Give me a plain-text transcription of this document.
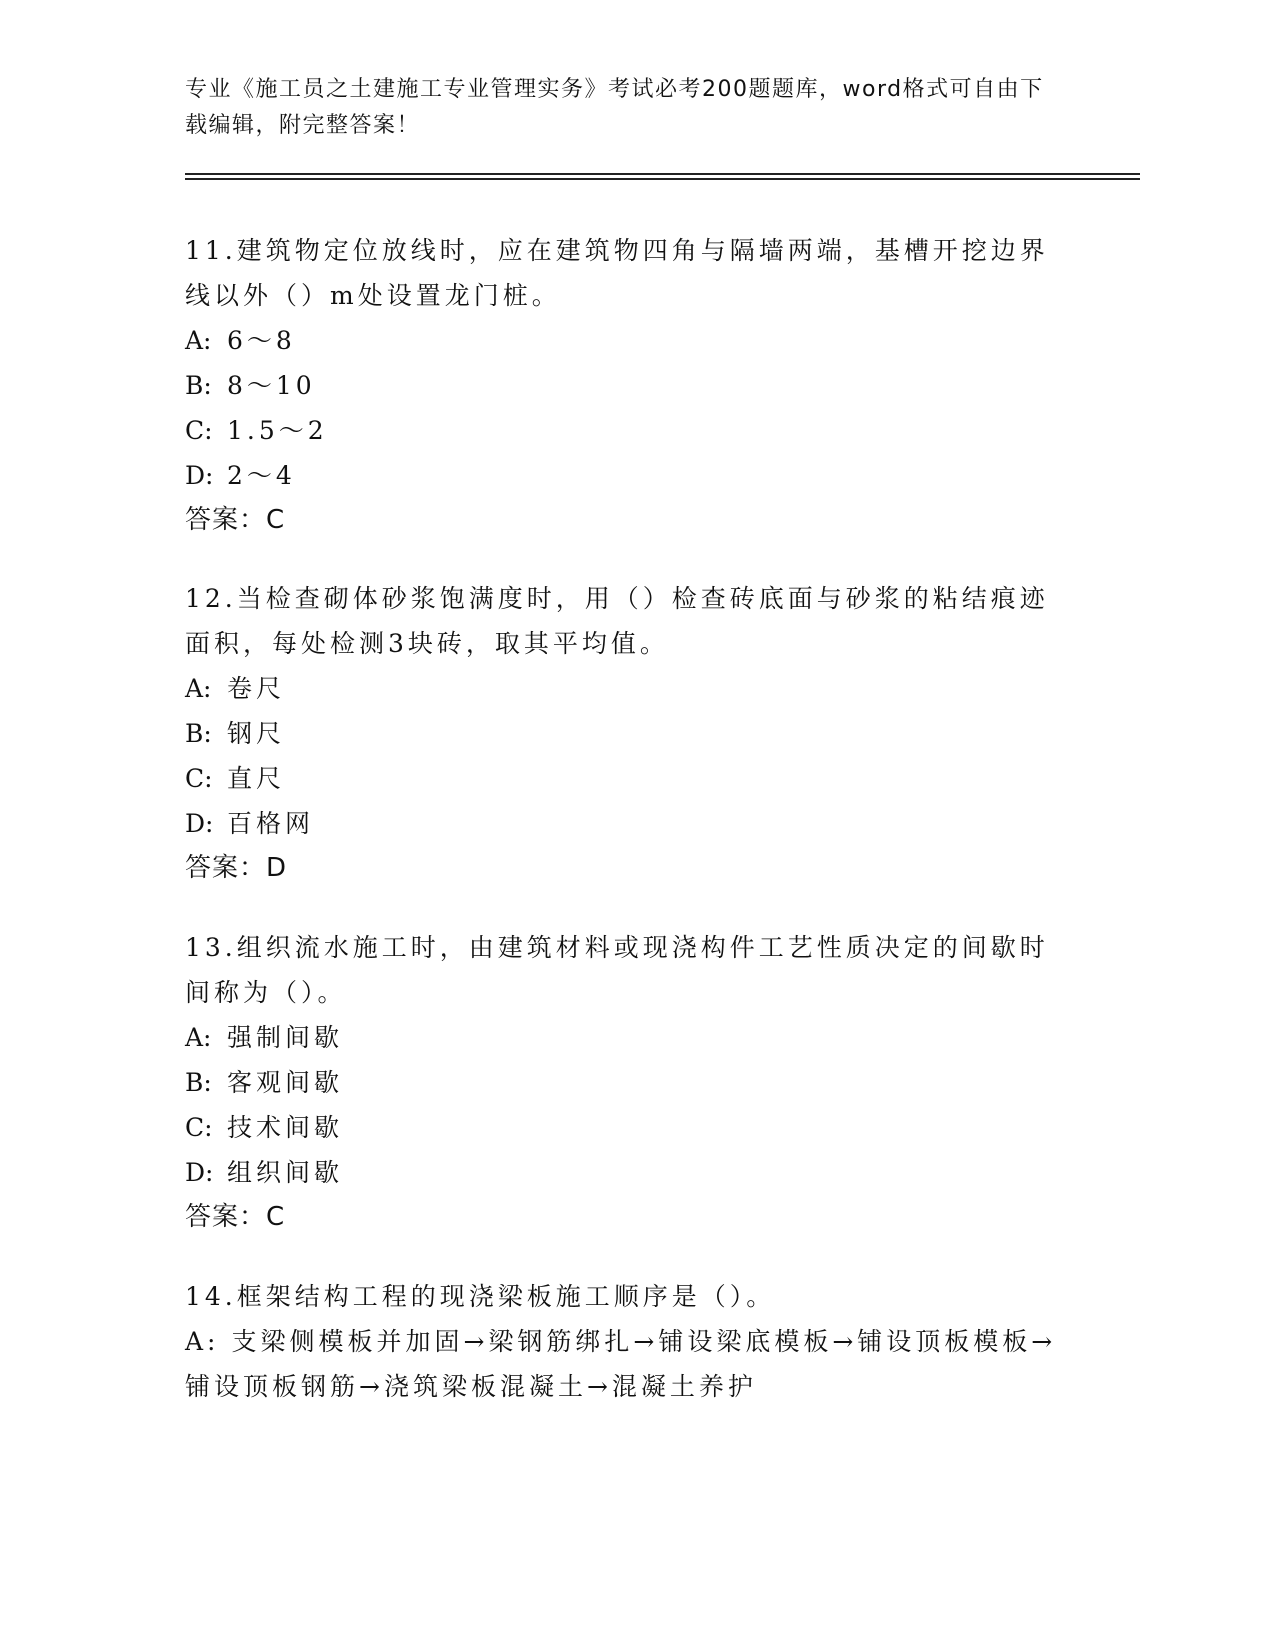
专业《施工员之土建施工专业管理实务》考试必考200题题库，word格式可自由下载编辑，附完整答案！

11.建筑物定位放线时，应在建筑物四角与隔墙两端，基槽开挖边界线以外（）m处设置龙门桩。

A: 6～8

B: 8～10

C: 1.5～2

D: 2～4

答案：C

12.当检查砌体砂浆饱满度时，用（）检查砖底面与砂浆的粘结痕迹面积，每处检测3块砖，取其平均值。

A: 卷尺

B: 钢尺

C: 直尺

D: 百格网

答案：D

13.组织流水施工时，由建筑材料或现浇构件工艺性质决定的间歇时间称为（）。

A: 强制间歇

B: 客观间歇

C: 技术间歇

D: 组织间歇

答案：C

14.框架结构工程的现浇梁板施工顺序是（）。

A: 支梁侧模板并加固→梁钢筋绑扎→铺设梁底模板→铺设顶板模板→铺设顶板钢筋→浇筑梁板混凝土→混凝土养护
